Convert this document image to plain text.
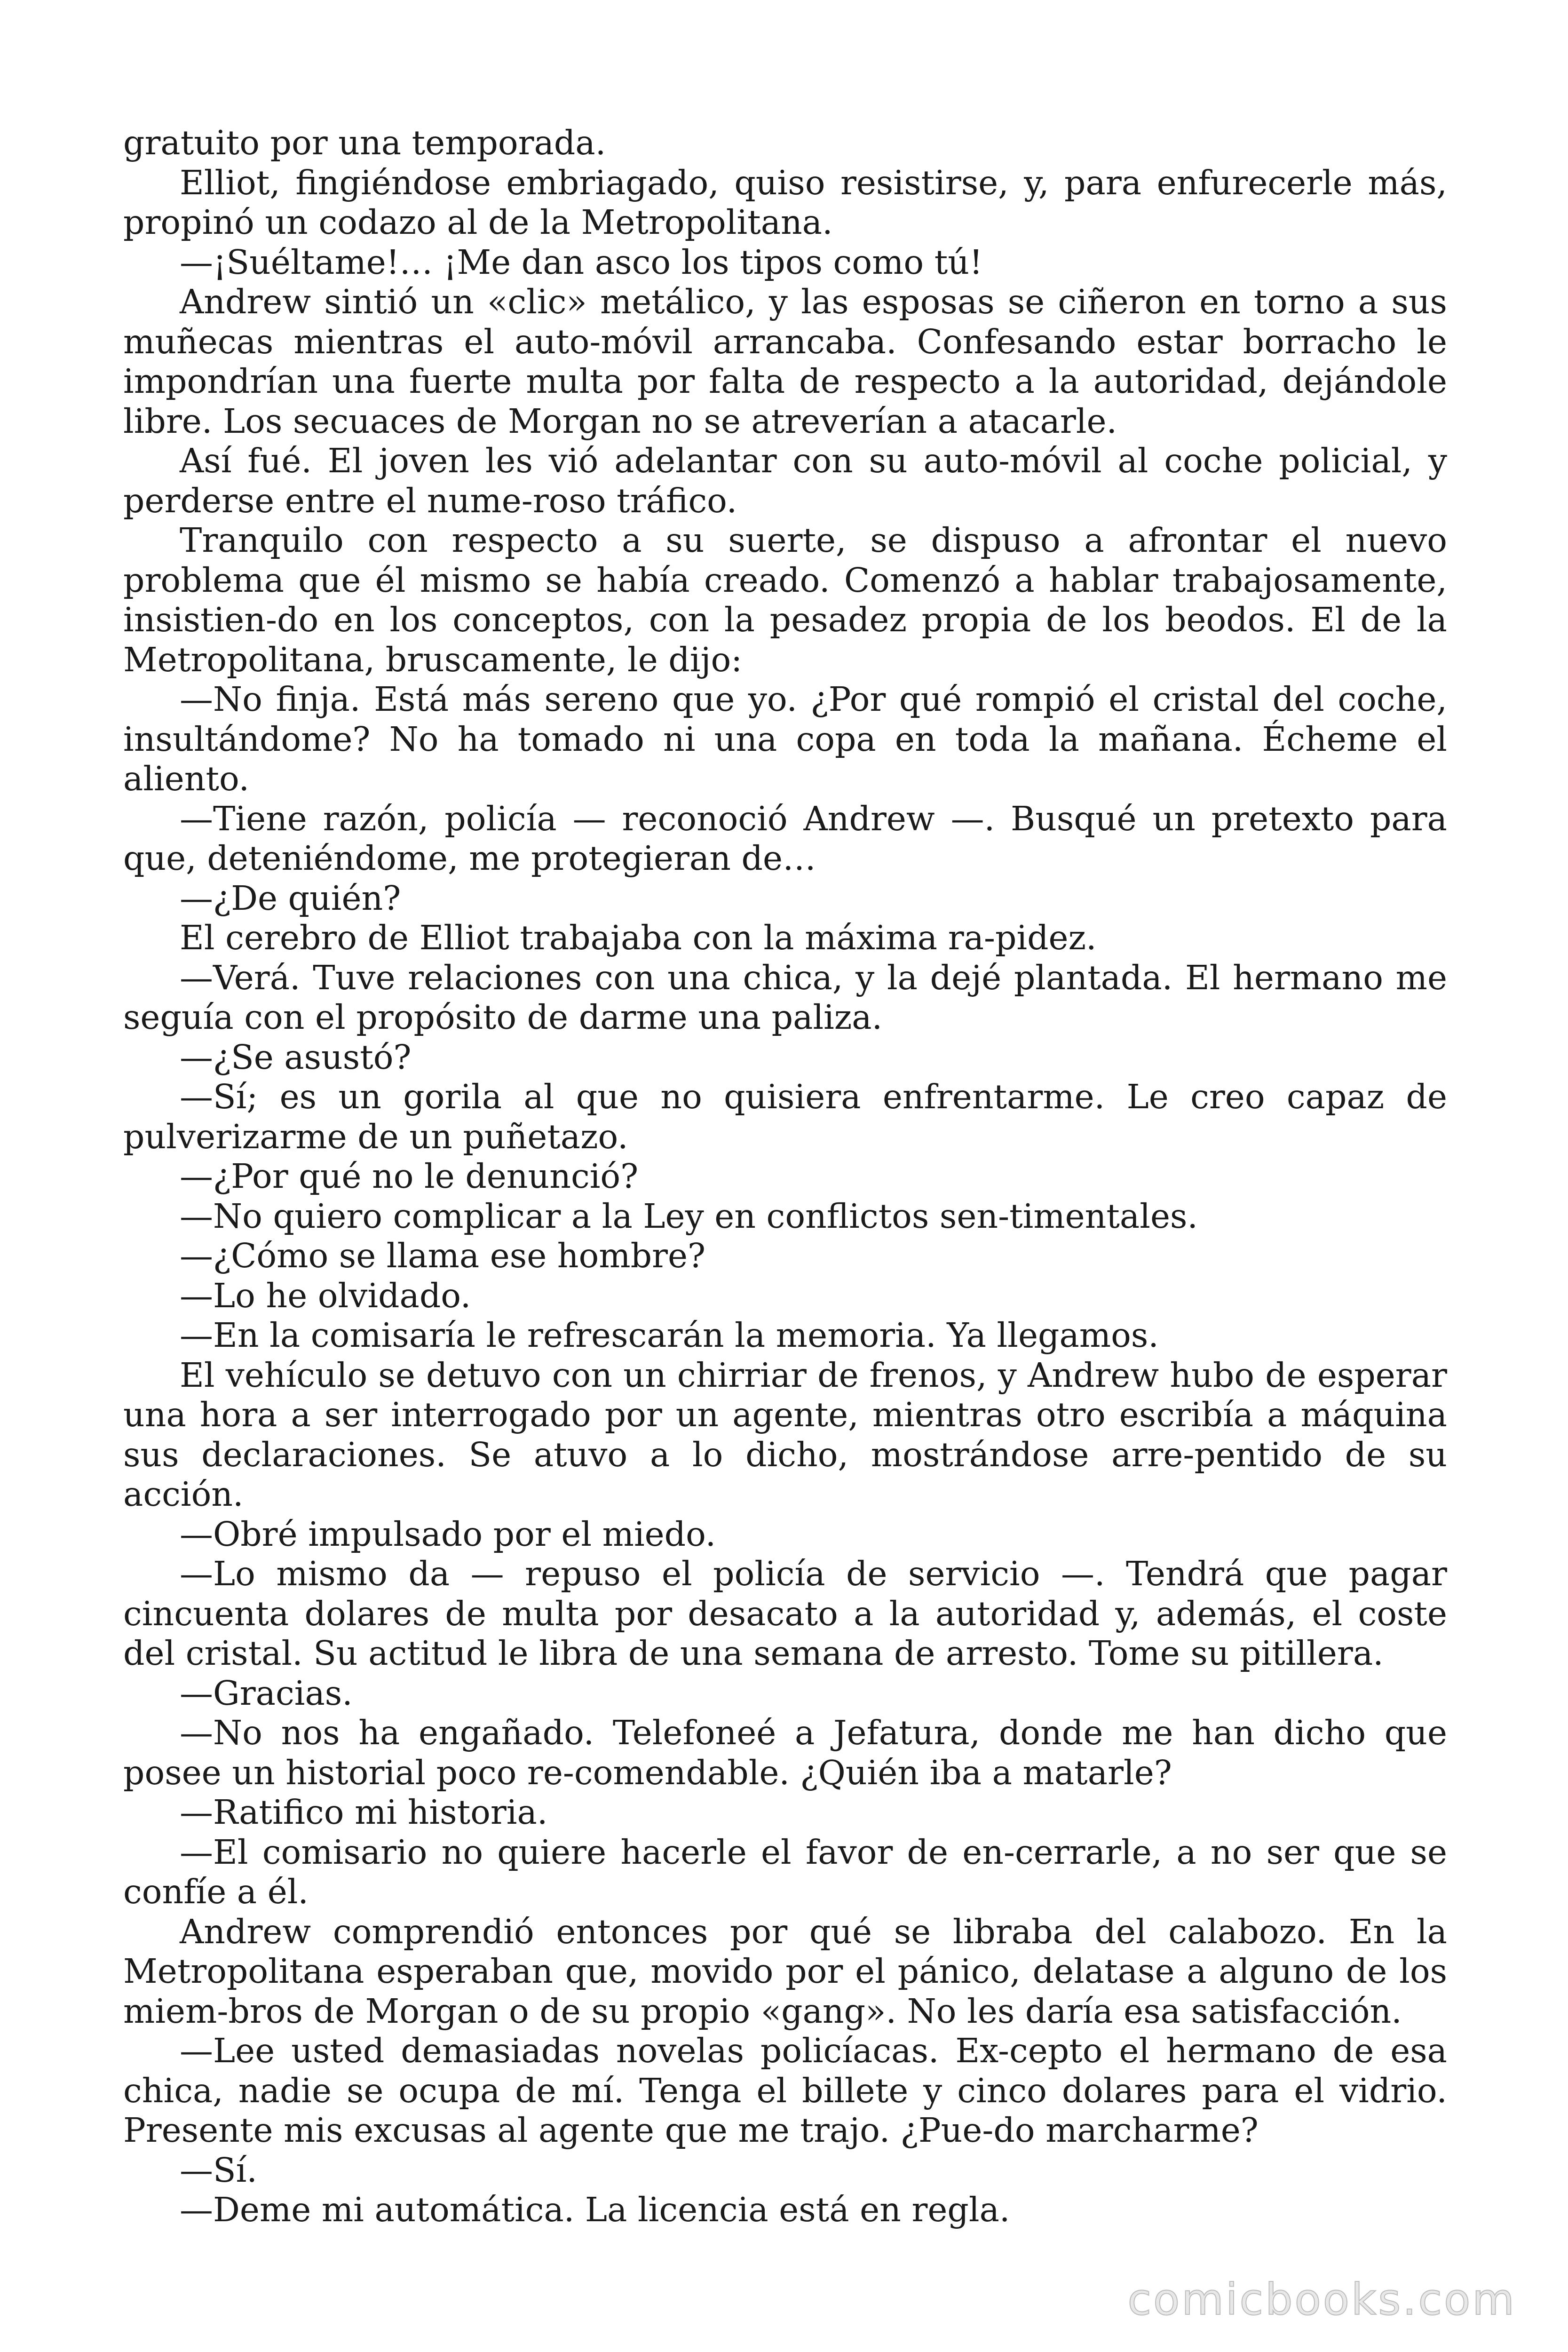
gratuito por una temporada.

Elliot, fingiéndose embriagado, quiso resistirse, y, para enfurecerle más, propinó un codazo al de la Metropolitana.

—¡Suéltame!… ¡Me dan asco los tipos como tú!

Andrew sintió un «clic» metálico, y las esposas se ciñeron en torno a sus muñecas mientras el auto-móvil arrancaba. Confesando estar borracho le impondrían una fuerte multa por falta de respecto a la autoridad, dejándole libre. Los secuaces de Morgan no se atreverían a atacarle.

Así fué. El joven les vió adelantar con su auto-móvil al coche policial, y perderse entre el nume-roso tráfico.

Tranquilo con respecto a su suerte, se dispuso a afrontar el nuevo problema que él mismo se había creado. Comenzó a hablar trabajosamente, insistien-do en los conceptos, con la pesadez propia de los beodos. El de la Metropolitana, bruscamente, le dijo:

—No finja. Está más sereno que yo. ¿Por qué rompió el cristal del coche, insultándome? No ha tomado ni una copa en toda la mañana. Écheme el aliento.

—Tiene razón, policía — reconoció Andrew —. Busqué un pretexto para que, deteniéndome, me protegieran de…

—¿De quién?

El cerebro de Elliot trabajaba con la máxima ra-pidez.

—Verá. Tuve relaciones con una chica, y la dejé plantada. El hermano me seguía con el propósito de darme una paliza.

—¿Se asustó?

—Sí; es un gorila al que no quisiera enfrentarme. Le creo capaz de pulverizarme de un puñetazo.

—¿Por qué no le denunció?

—No quiero complicar a la Ley en conflictos sen-timentales.

—¿Cómo se llama ese hombre?

—Lo he olvidado.

—En la comisaría le refrescarán la memoria. Ya llegamos.

El vehículo se detuvo con un chirriar de frenos, y Andrew hubo de esperar una hora a ser interrogado por un agente, mientras otro escribía a máquina sus declaraciones. Se atuvo a lo dicho, mostrándose arre-pentido de su acción.

—Obré impulsado por el miedo.

—Lo mismo da — repuso el policía de servicio —. Tendrá que pagar cincuenta dolares de multa por desacato a la autoridad y, además, el coste del cristal. Su actitud le libra de una semana de arresto. Tome su pitillera.

—Gracias.

—No nos ha engañado. Telefoneé a Jefatura, donde me han dicho que posee un historial poco re-comendable. ¿Quién iba a matarle?

—Ratifico mi historia.

—El comisario no quiere hacerle el favor de en-cerrarle, a no ser que se confíe a él.

Andrew comprendió entonces por qué se libraba del calabozo. En la Metropolitana esperaban que, movido por el pánico, delatase a alguno de los miem-bros de Morgan o de su propio «gang». No les daría esa satisfacción.

—Lee usted demasiadas novelas policíacas. Ex-cepto el hermano de esa chica, nadie se ocupa de mí. Tenga el billete y cinco dolares para el vidrio. Presente mis excusas al agente que me trajo. ¿Pue-do marcharme?

—Sí.

—Deme mi automática. La licencia está en regla.

comicbooks.com
